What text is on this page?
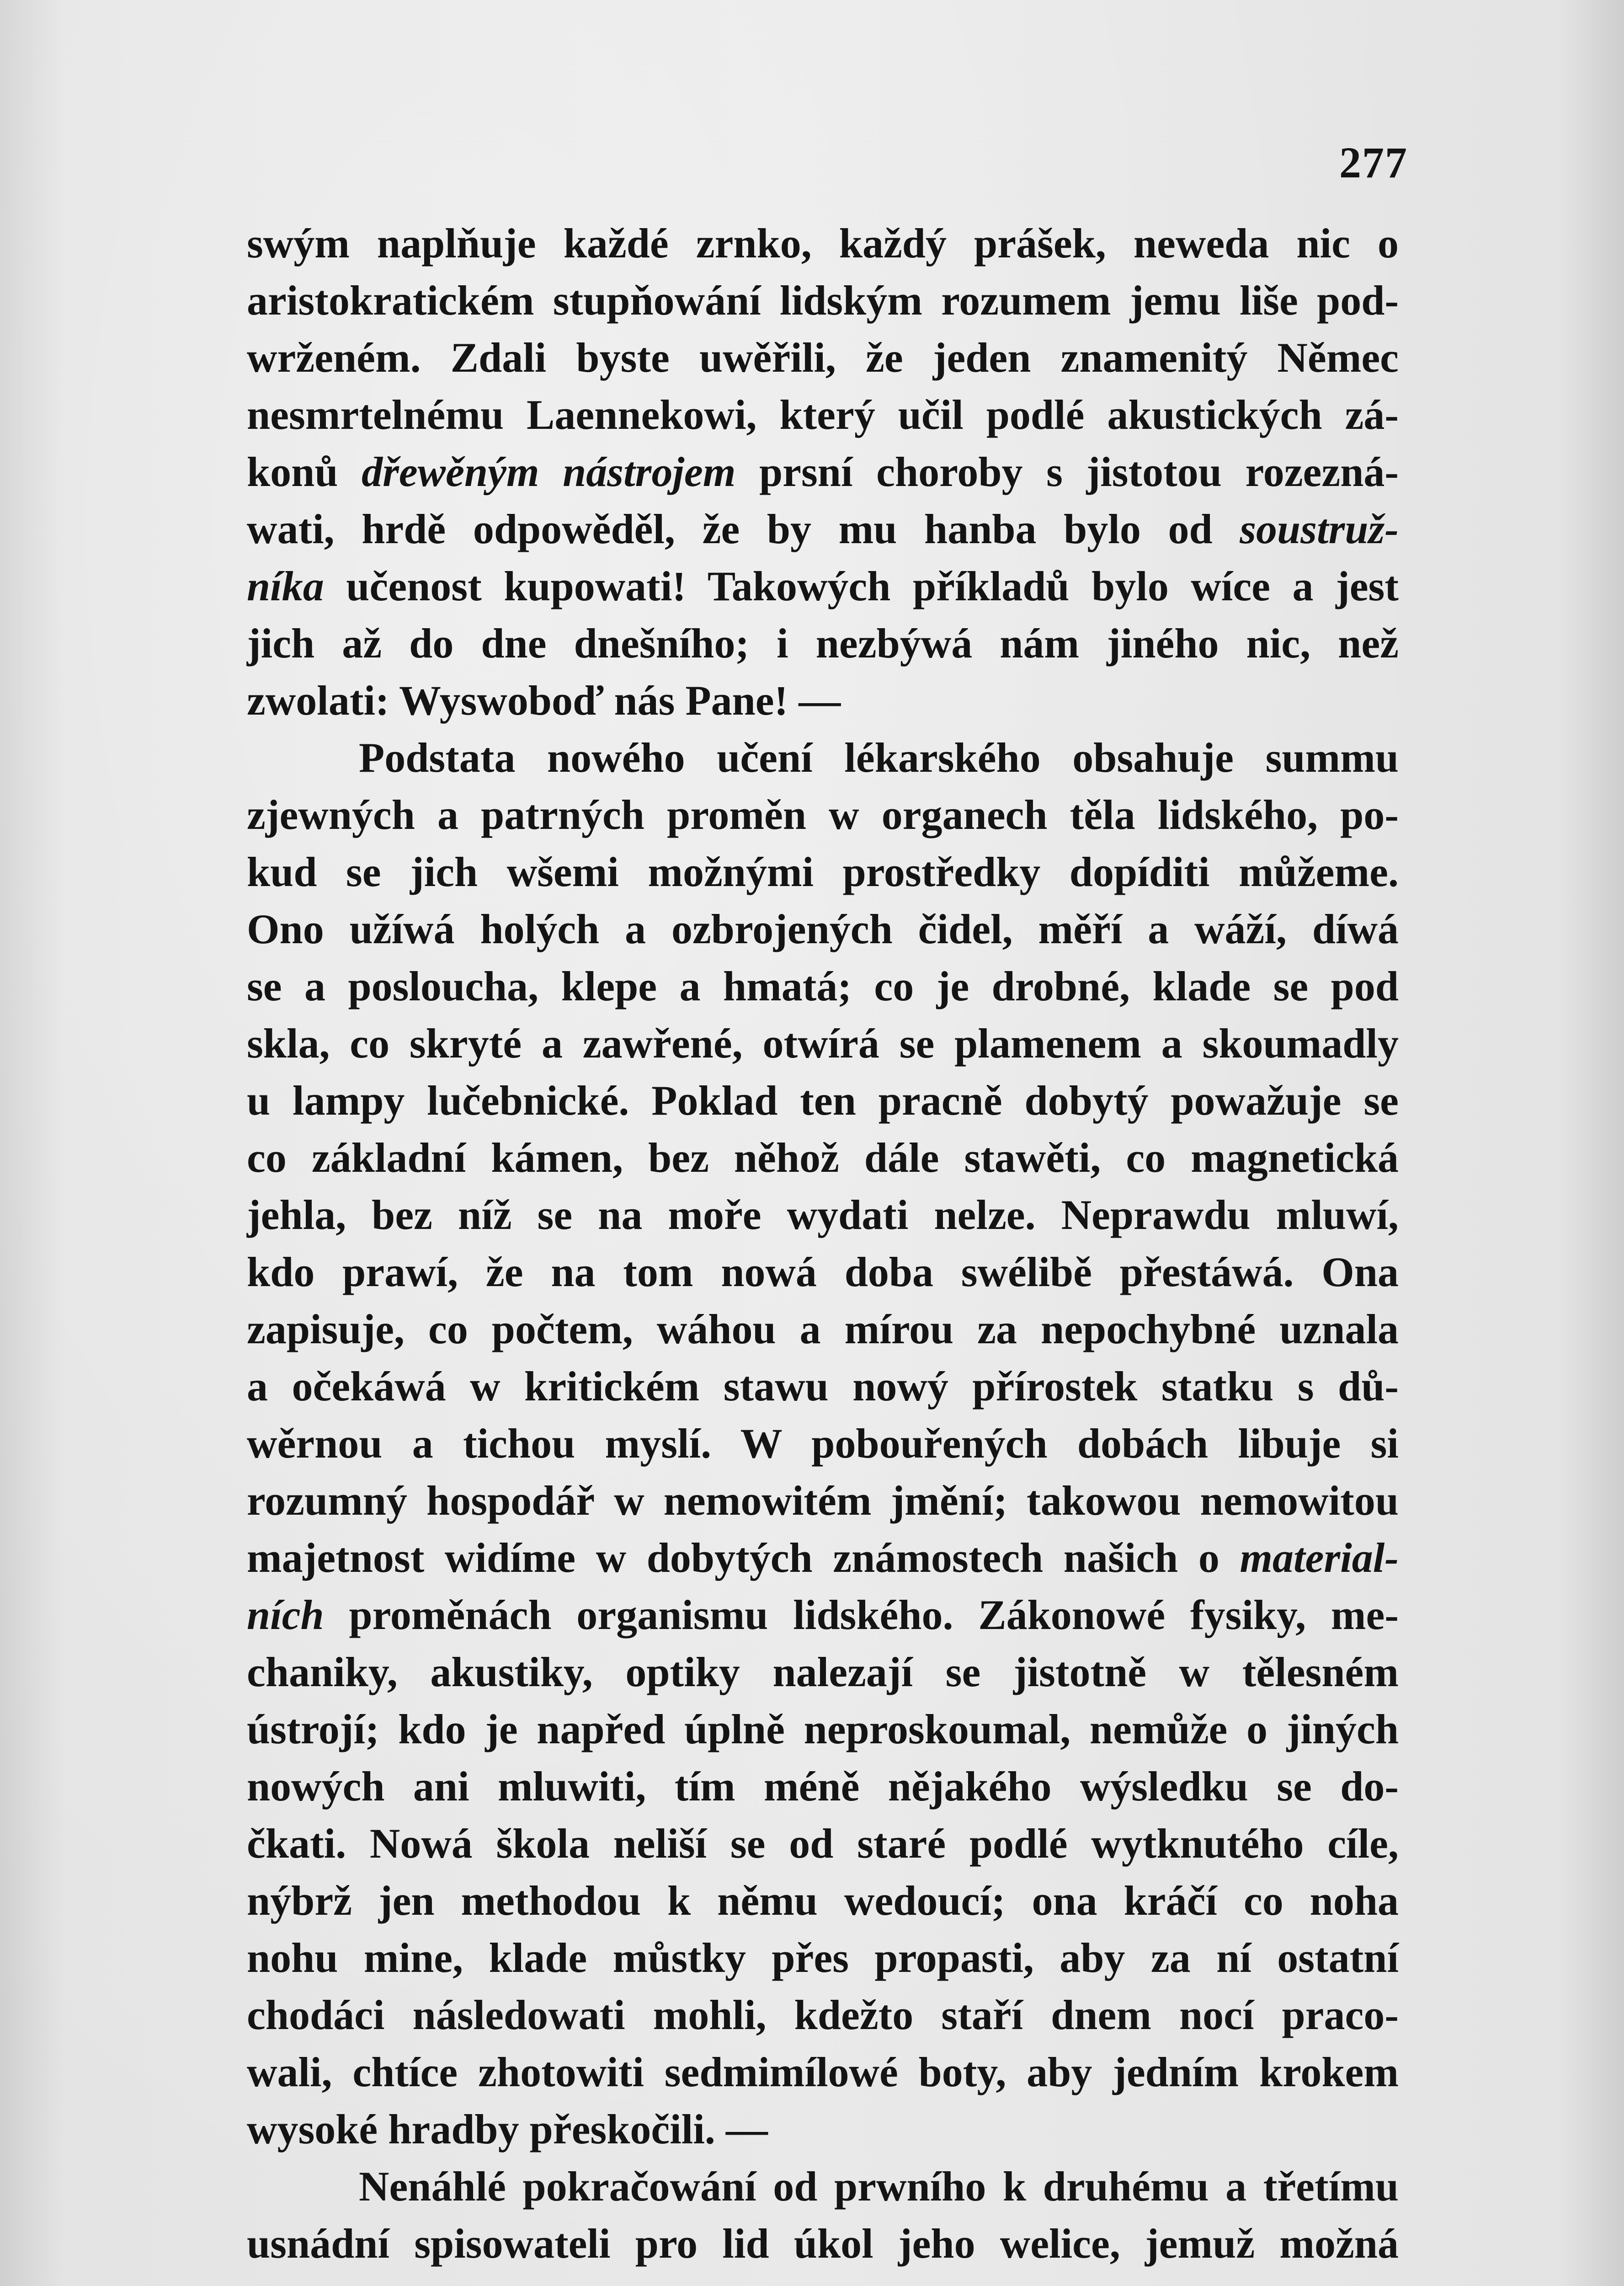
277

swým naplňuje každé zrnko, každý prášek, neweda nic o

aristokratickém stupňowání lidským rozumem jemu liše pod-

wrženém. Zdali byste uwěřili, že jeden znamenitý Němec

nesmrtelnému Laennekowi, který učil podlé akustických zá-

konů dřewěným nástrojem prsní choroby s jistotou rozezná-

wati, hrdě odpowěděl, že by mu hanba bylo od soustruž-

níka učenost kupowati! Takowých příkladů bylo wíce a jest

jich až do dne dnešního; i nezbýwá nám jiného nic, než

zwolati: Wyswoboď nás Pane! —

Podstata nowého učení lékarského obsahuje summu

zjewných a patrných proměn w organech těla lidského, po-

kud se jich wšemi možnými prostředky dopíditi můžeme.

Ono užíwá holých a ozbrojených čidel, měří a wáží, díwá

se a posloucha, klepe a hmatá; co je drobné, klade se pod

skla, co skryté a zawřené, otwírá se plamenem a skoumadly

u lampy lučebnické. Poklad ten pracně dobytý powažuje se

co základní kámen, bez něhož dále stawěti, co magnetická

jehla, bez níž se na moře wydati nelze. Neprawdu mluwí,

kdo prawí, že na tom nowá doba swélibě přestáwá. Ona

zapisuje, co počtem, wáhou a mírou za nepochybné uznala

a očekáwá w kritickém stawu nowý přírostek statku s dů-

wěrnou a tichou myslí. W pobouřených dobách libuje si

rozumný hospodář w nemowitém jmění; takowou nemowitou

majetnost widíme w dobytých známostech našich o material-

ních proměnách organismu lidského. Zákonowé fysiky, me-

chaniky, akustiky, optiky nalezají se jistotně w tělesném

ústrojí; kdo je napřed úplně neproskoumal, nemůže o jiných

nowých ani mluwiti, tím méně nějakého wýsledku se do-

čkati. Nowá škola neliší se od staré podlé wytknutého cíle,

nýbrž jen methodou k němu wedoucí; ona kráčí co noha

nohu mine, klade můstky přes propasti, aby za ní ostatní

chodáci následowati mohli, kdežto staří dnem nocí praco-

wali, chtíce zhotowiti sedmimílowé boty, aby jedním krokem

wysoké hradby přeskočili. —

Nenáhlé pokračowání od prwního k druhému a třetímu

usnádní spisowateli pro lid úkol jeho welice, jemuž možná
